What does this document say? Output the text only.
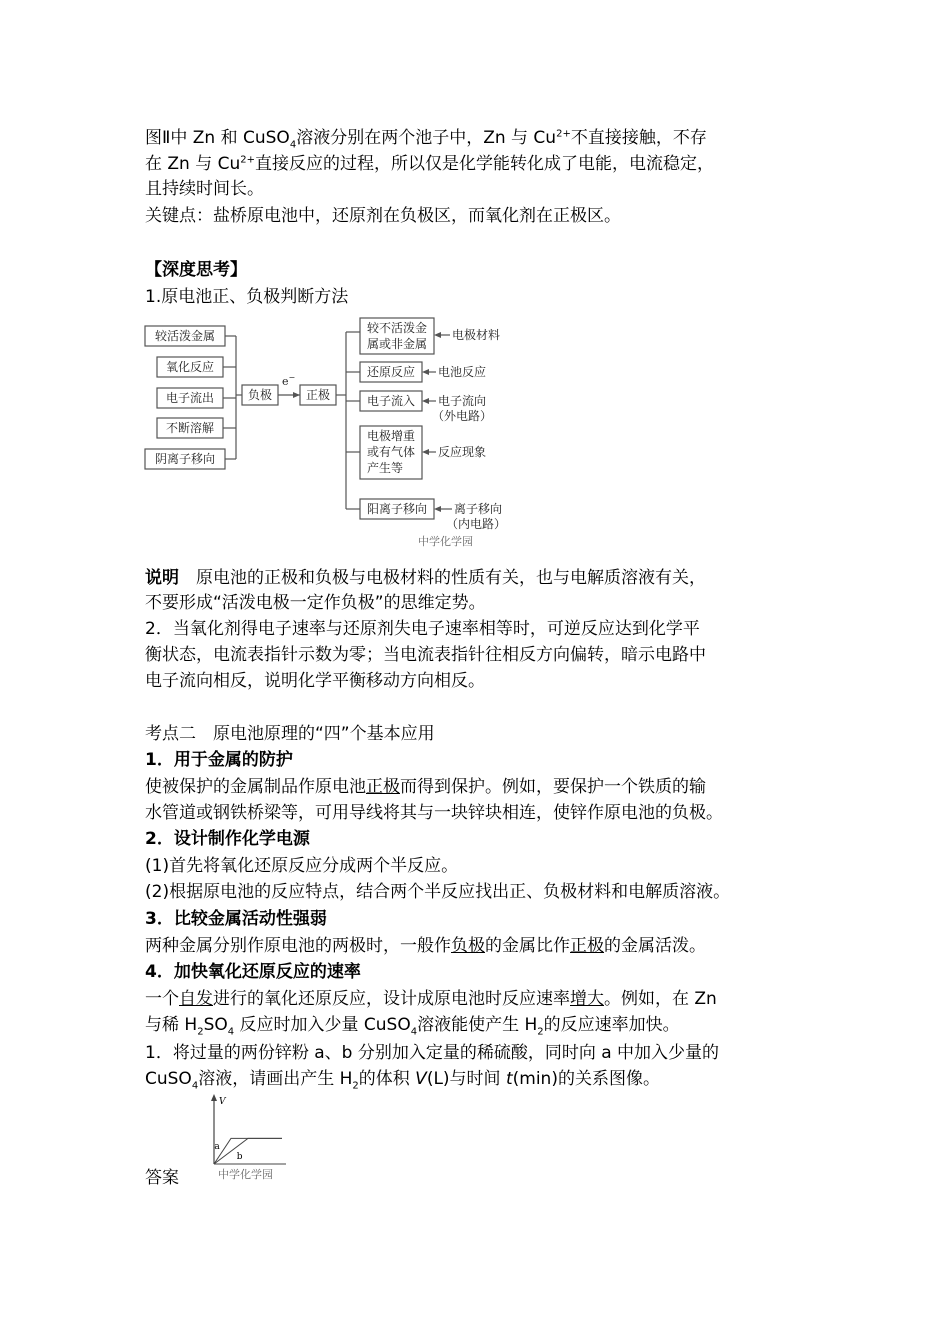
图Ⅱ中 Zn 和 CuSO$_4$溶液分别在两个池子中，Zn 与 $Cu^{2+}$不直接接触，不存
在 Zn 与 $Cu^{2+}$直接反应的过程，所以仅是化学能转化成了电能，电流稳定，
且持续时间长。
关键点：盐桥原电池中，还原剂在负极区，而氧化剂在正极区。
【深度思考】
1.原电池正、负极判断方法
较活泼金属
氧化反应
电子流出
不断溶解
阴离子移向
负极	正极
较不活泼金
属或非金属
还原反应
电子流入
电极增重
或有气体
产生等
阳离子移向
e−
电极材料
电池反应
电子流向
（外电路）
反应现象
离子移向
（内电路）
中学化学园
说明　原电池的正极和负极与电极材料的性质有关，也与电解质溶液有关，
不要形成“活泼电极一定作负极”的思维定势。
2．当氧化剂得电子速率与还原剂失电子速率相等时，可逆反应达到化学平
衡状态，电流表指针示数为零；当电流表指针往相反方向偏转，暗示电路中
电子流向相反，说明化学平衡移动方向相反。
考点二　原电池原理的“四”个基本应用
1．用于金属的防护
使被保护的金属制品作原电池正极而得到保护。例如，要保护一个铁质的输
水管道或钢铁桥梁等，可用导线将其与一块锌块相连，使锌作原电池的负极。
2．设计制作化学电源
(1)首先将氧化还原反应分成两个半反应。
(2)根据原电池的反应特点，结合两个半反应找出正、负极材料和电解质溶液。
3．比较金属活动性强弱
两种金属分别作原电池的两极时，一般作负极的金属比作正极的金属活泼。
4．加快氧化还原反应的速率
一个自发进行的氧化还原反应，设计成原电池时反应速率增大。例如，在 Zn
与稀 $H_2SO_4$ 反应时加入少量 CuSO$_4$溶液能使产生 $H_2$的反应速率加快。
1．将过量的两份锌粉 a、b 分别加入定量的稀硫酸，同时向 a 中加入少量的
CuSO$_4$溶液，请画出产生 $H_2$的体积 V(L)与时间 t(min)的关系图像。
答案
V
a
b
中学化学园
